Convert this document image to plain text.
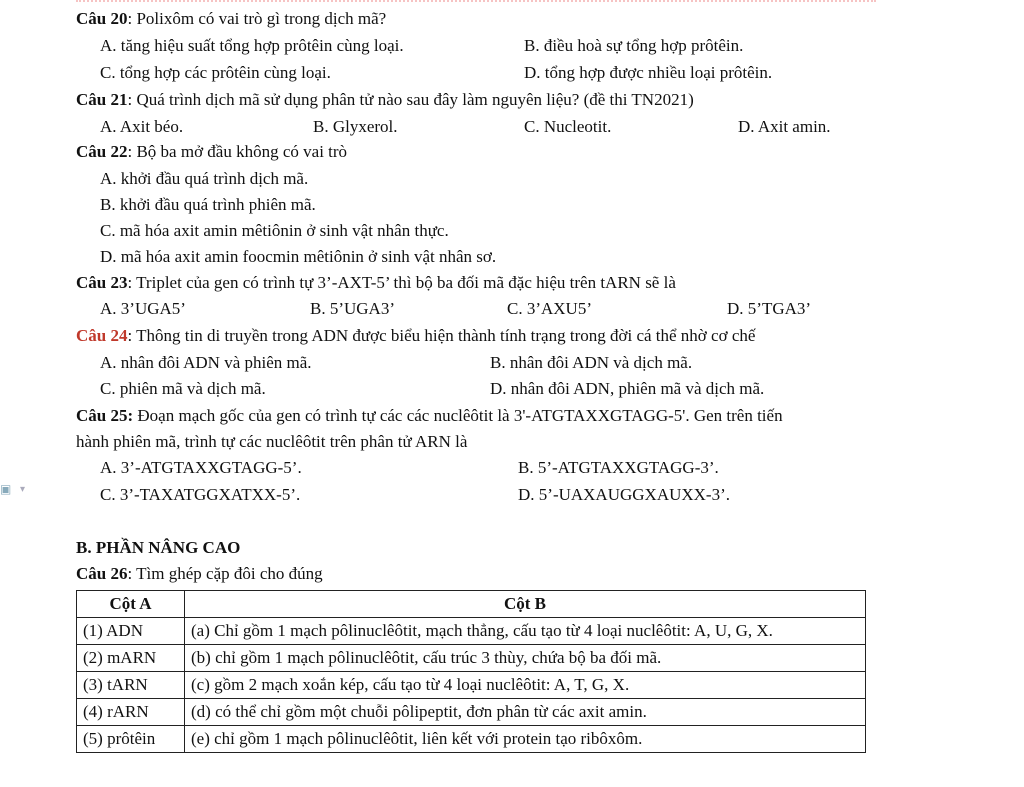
Câu 20: Polixôm có vai trò gì trong dịch mã?
A. tăng hiệu suất tổng hợp prôtêin cùng loại.	B. điều hoà sự tổng hợp prôtêin.
C. tổng hợp các prôtêin cùng loại.	D. tổng hợp được nhiều loại prôtêin.
Câu 21: Quá trình dịch mã sử dụng phân tử nào sau đây làm nguyên liệu? (đề thi TN2021)
A. Axit béo.	B. Glyxerol.	C. Nucleotit.	D. Axit amin.
Câu 22: Bộ ba mở đầu không có vai trò
A. khởi đầu quá trình dịch mã.
B. khởi đầu quá trình phiên mã.
C. mã hóa axit amin mêtiônin ở sinh vật nhân thực.
D. mã hóa axit amin foocmin mêtiônin ở sinh vật nhân sơ.
Câu 23: Triplet của gen có trình tự 3’-AXT-5’ thì bộ ba đối mã đặc hiệu trên tARN sẽ là
A. 3’UGA5’	B. 5’UGA3’	C. 3’AXU5’	D. 5’TGA3’
Câu 24: Thông tin di truyền trong ADN được biểu hiện thành tính trạng trong đời cá thể nhờ cơ chế
A. nhân đôi ADN và phiên mã.	B. nhân đôi ADN và dịch mã.
C. phiên mã và dịch mã.	D. nhân đôi ADN, phiên mã và dịch mã.
Câu 25: Đoạn mạch gốc của gen có trình tự các các nuclêôtit là 3'-ATGTAXXGTAGG-5'. Gen trên tiến
hành phiên mã, trình tự các nuclêôtit trên phân tử ARN là
A. 3’-ATGTAXXGTAGG-5’.	B. 5’-ATGTAXXGTAGG-3’.
C. 3’-TAXATGGXATXX-5’.	D. 5’-UAXAUGGXAUXX-3’.
▣ ▾
B. PHẦN NÂNG CAO
Câu 26: Tìm ghép cặp đôi cho đúng
Cột A	Cột B
(1) ADN	(a) Chỉ gồm 1 mạch pôlinuclêôtit, mạch thẳng, cấu tạo từ 4 loại nuclêôtit: A, U, G, X.
(2) mARN	(b) chỉ gồm 1 mạch pôlinuclêôtit, cấu trúc 3 thùy, chứa bộ ba đối mã.
(3) tARN	(c) gồm 2 mạch xoắn kép, cấu tạo từ 4 loại nuclêôtit: A, T, G, X.
(4) rARN	(d) có thể chỉ gồm một chuỗi pôlipeptit, đơn phân từ các axit amin.
(5) prôtêin	(e) chỉ gồm 1 mạch pôlinuclêôtit, liên kết với protein tạo ribôxôm.
